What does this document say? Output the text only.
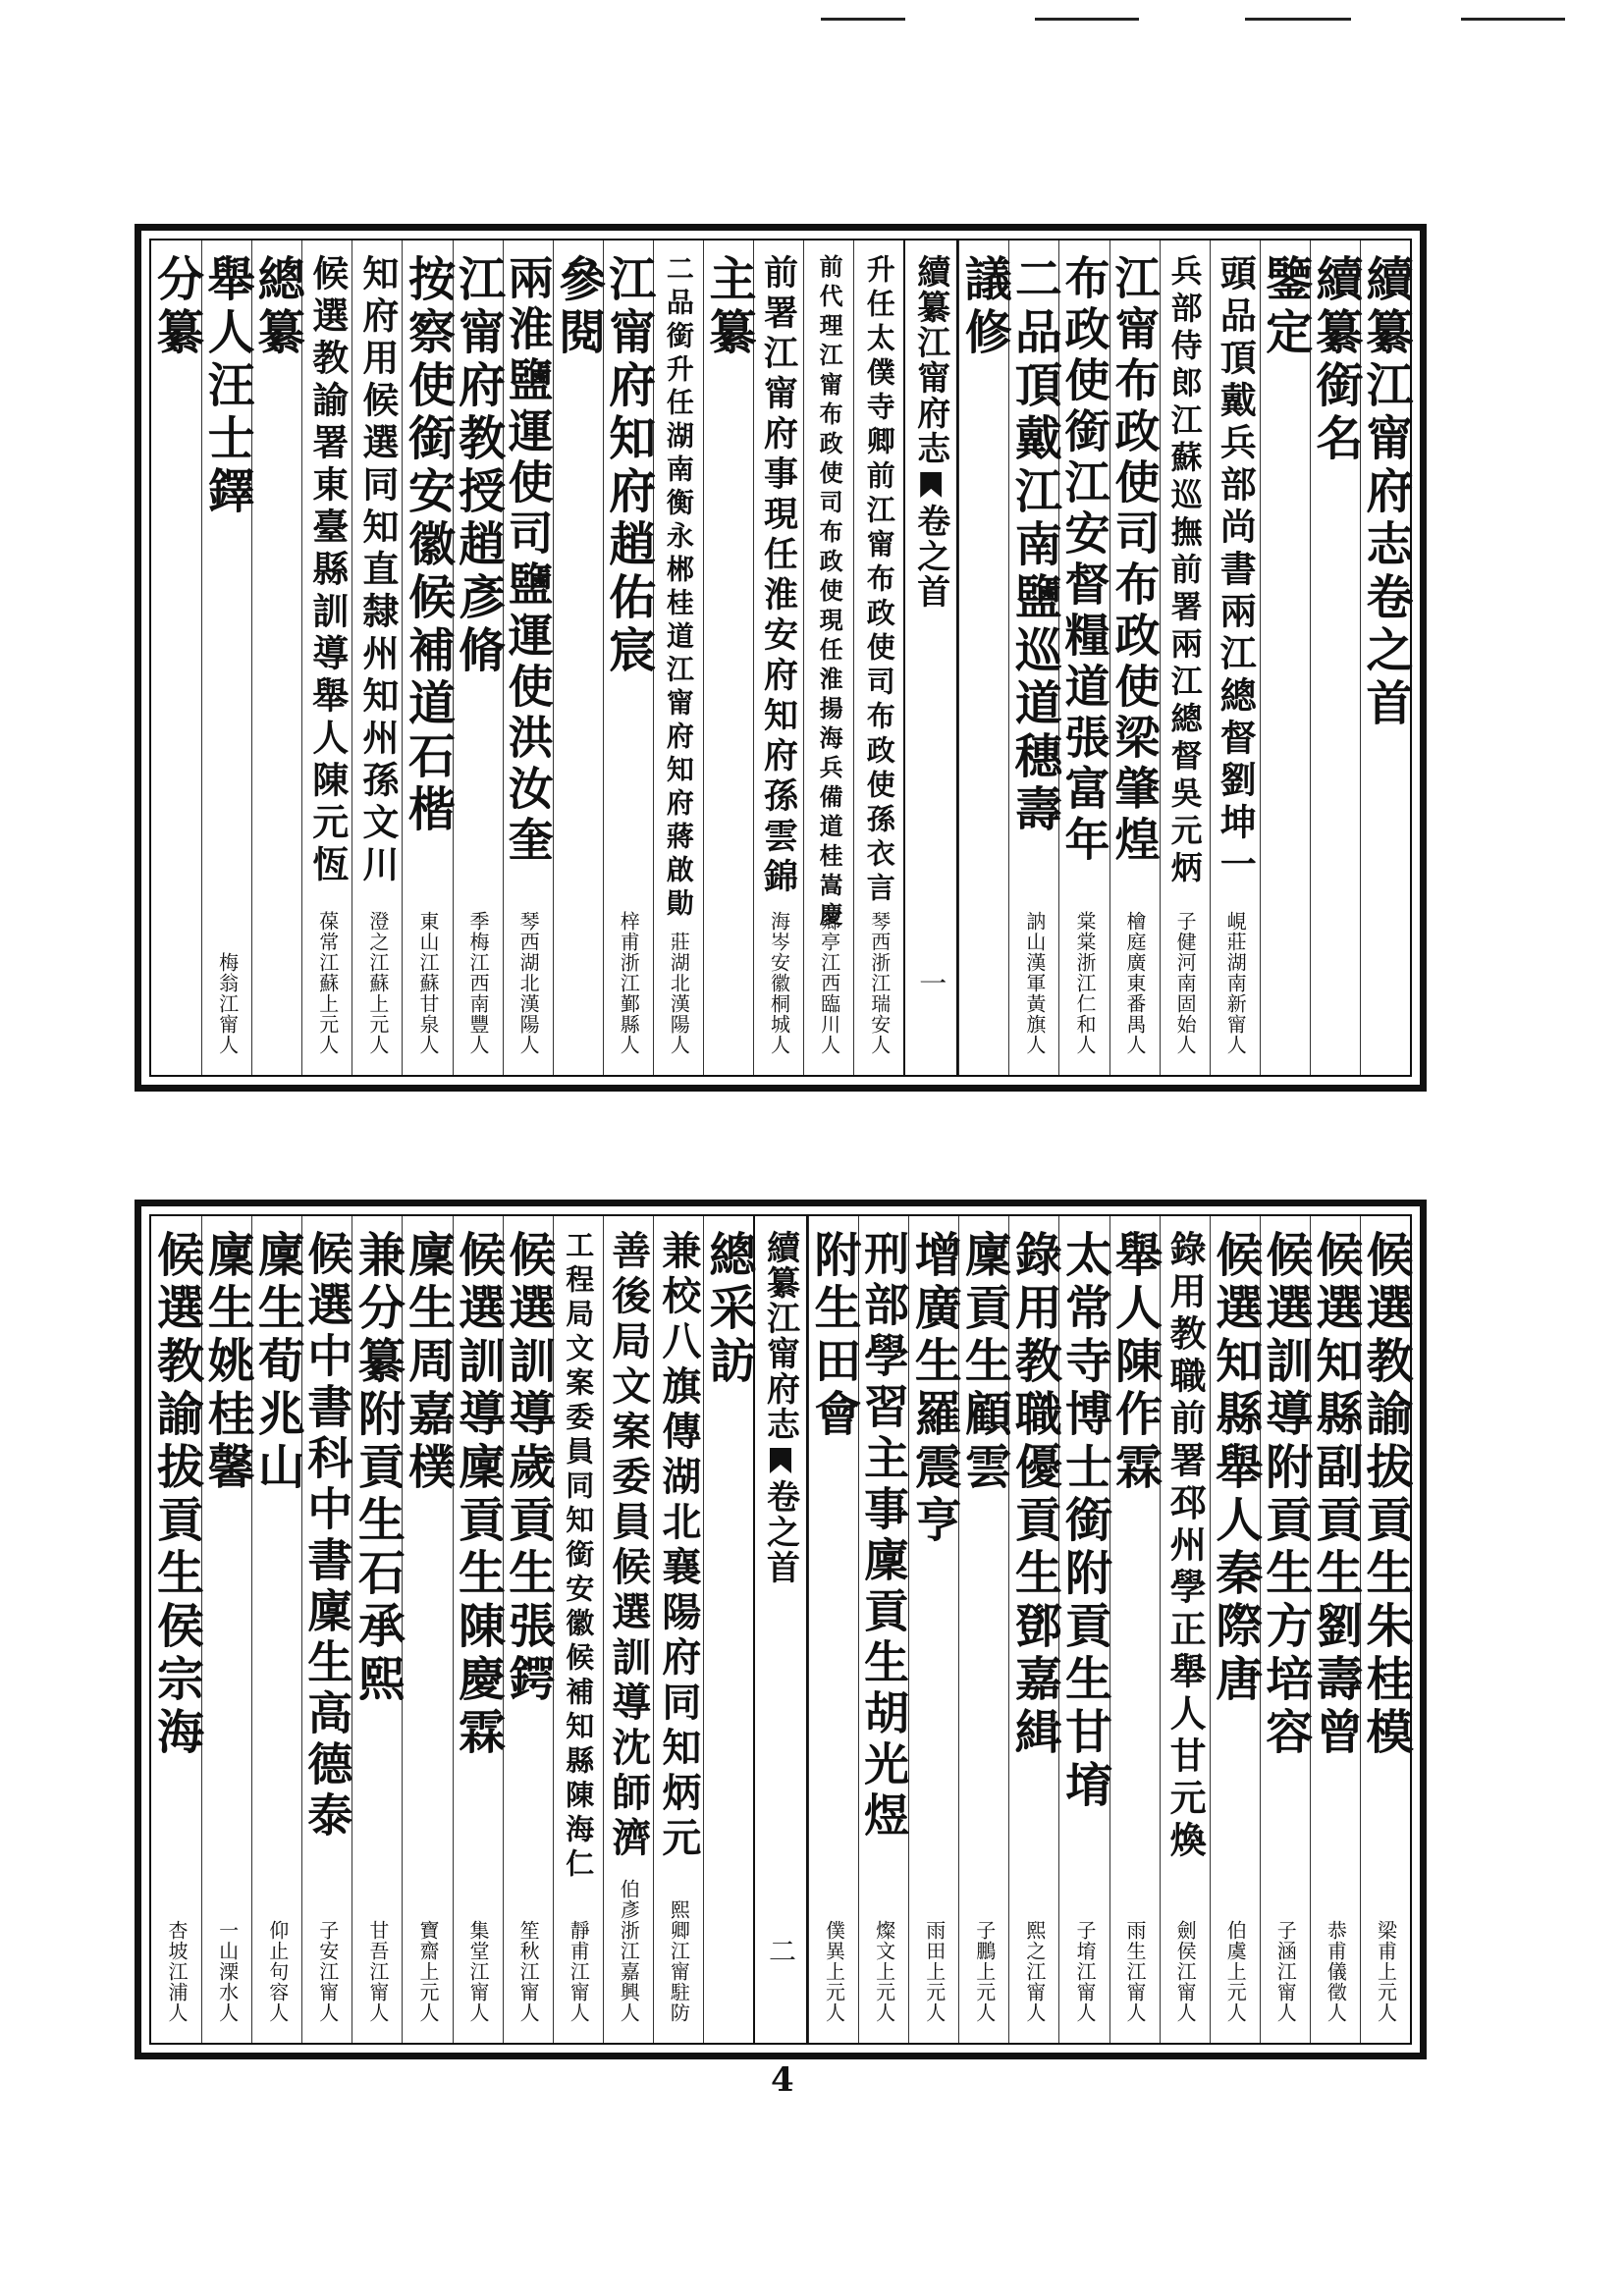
續纂江甯府志卷之首
續纂銜名
鑒定
頭品頂戴兵部尚書兩江總督劉坤一
峴莊湖南新甯人
兵部侍郎江蘇巡撫前署兩江總督吳元炳
子健河南固始人
江甯布政使司布政使梁肇煌
檜庭廣東番禺人
布政使銜江安督糧道張富年
棠棠浙江仁和人
二品頂戴江南鹽巡道穗壽
訥山漢軍黃旗人
議修
續纂江甯府志
卷之首
一
升任太僕寺卿前江甯布政使司布政使孫衣言
琴西浙江瑞安人
前代理江甯布政使司布政使現任淮揚海兵備道桂嵩慶
薌亭江西臨川人
前署江甯府事現任淮安府知府孫雲錦
海岑安徽桐城人
主纂
二品銜升任湖南衡永郴桂道江甯府知府蔣啟勛
莊湖北漢陽人
江甯府知府趙佑宸
梓甫浙江鄞縣人
參閱
兩淮鹽運使司鹽運使洪汝奎
琴西湖北漢陽人
江甯府教授趙彥脩
季梅江西南豐人
按察使銜安徽候補道石楷
東山江蘇甘泉人
知府用候選同知直隸州知州孫文川
澄之江蘇上元人
候選教諭署東臺縣訓導舉人陳元恆
葆常江蘇上元人
總纂
舉人汪士鐸
梅翁江甯人
分纂
候選教諭拔貢生朱桂模
梁甫上元人
候選知縣副貢生劉壽曾
恭甫儀徵人
候選訓導附貢生方培容
子涵江甯人
候選知縣舉人秦際唐
伯虞上元人
錄用教職前署邳州學正舉人甘元煥
劍侯江甯人
舉人陳作霖
雨生江甯人
太常寺博士銜附貢生甘堉
子堉江甯人
錄用教職優貢生鄧嘉緝
熙之江甯人
廩貢生顧雲
子鵬上元人
增廣生羅震亨
雨田上元人
刑部學習主事廩貢生胡光煜
燦文上元人
附生田會
僕異上元人
續纂江甯府志
卷之首
二
總采訪
兼校八旗傳湖北襄陽府同知炳元
熙卿江甯駐防
善後局文案委員候選訓導沈師濟
伯彥浙江嘉興人
工程局文案委員同知銜安徽候補知縣陳海仁
靜甫江甯人
候選訓導歲貢生張鍔
笙秋江甯人
候選訓導廩貢生陳慶霖
集堂江甯人
廩生周嘉樸
寶齋上元人
兼分纂附貢生石承熙
甘吾江甯人
候選中書科中書廩生高德泰
子安江甯人
廩生荀兆山
仰止句容人
廩生姚桂馨
一山溧水人
候選教諭拔貢生侯宗海
杏坡江浦人
4
